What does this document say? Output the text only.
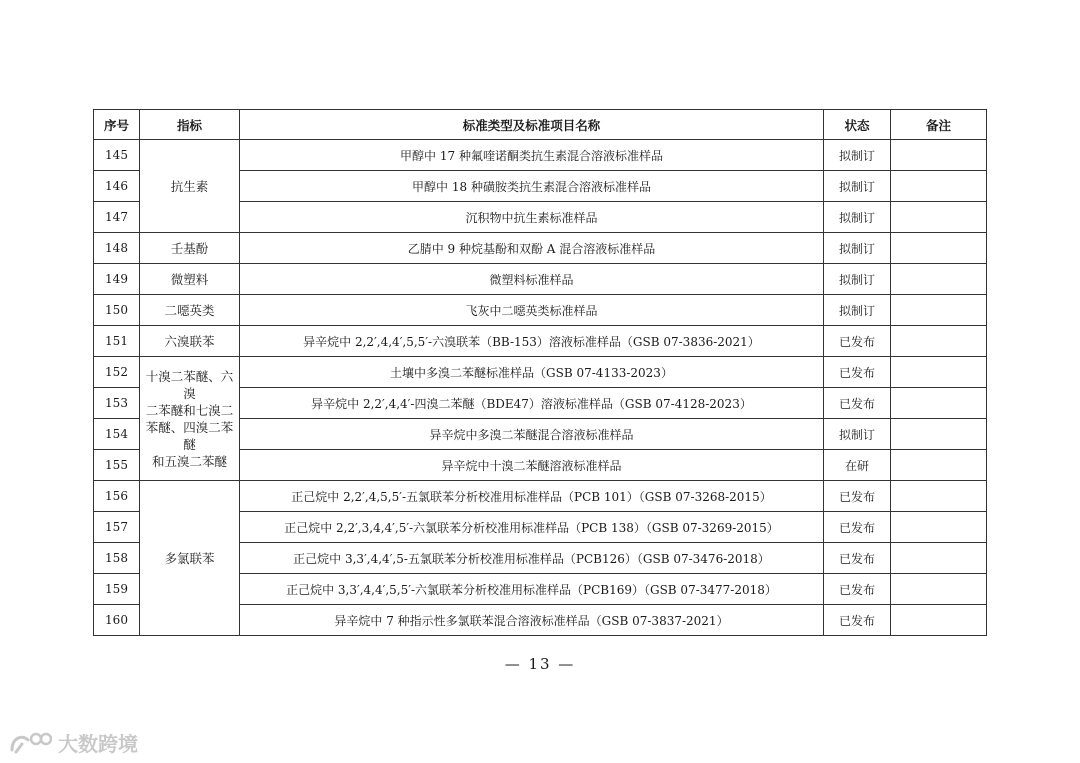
序号	指标	标准类型及标准项目名称	状态	备注
145	抗生素	甲醇中 17 种氟喹诺酮类抗生素混合溶液标准样品	拟制订	
146		甲醇中 18 种磺胺类抗生素混合溶液标准样品	拟制订	
147		沉积物中抗生素标准样品	拟制订	
148	壬基酚	乙腈中 9 种烷基酚和双酚 A 混合溶液标准样品	拟制订	
149	微塑料	微塑料标准样品	拟制订	
150	二噁英类	飞灰中二噁英类标准样品	拟制订	
151	六溴联苯	异辛烷中 2,2′,4,4′,5,5′-六溴联苯（BB-153）溶液标准样品（GSB 07-3836-2021）	已发布	
152	十溴二苯醚、六溴
二苯醚和七溴二
苯醚、四溴二苯醚
和五溴二苯醚	土壤中多溴二苯醚标准样品（GSB 07-4133-2023）	已发布	
153		异辛烷中 2,2′,4,4′-四溴二苯醚（BDE47）溶液标准样品（GSB 07-4128-2023）	已发布	
154		异辛烷中多溴二苯醚混合溶液标准样品	拟制订	
155		异辛烷中十溴二苯醚溶液标准样品	在研	
156	多氯联苯	正己烷中 2,2′,4,5,5′-五氯联苯分析校准用标准样品（PCB 101）（GSB 07-3268-2015）	已发布	
157		正己烷中 2,2′,3,4,4′,5′-六氯联苯分析校准用标准样品（PCB 138）（GSB 07-3269-2015）	已发布	
158		正己烷中 3,3′,4,4′,5-五氯联苯分析校准用标准样品（PCB126）（GSB 07-3476-2018）	已发布	
159		正己烷中 3,3′,4,4′,5,5′-六氯联苯分析校准用标准样品（PCB169）（GSB 07-3477-2018）	已发布	
160		异辛烷中 7 种指示性多氯联苯混合溶液标准样品（GSB 07-3837-2021）	已发布	
— 13 —
大数跨境
